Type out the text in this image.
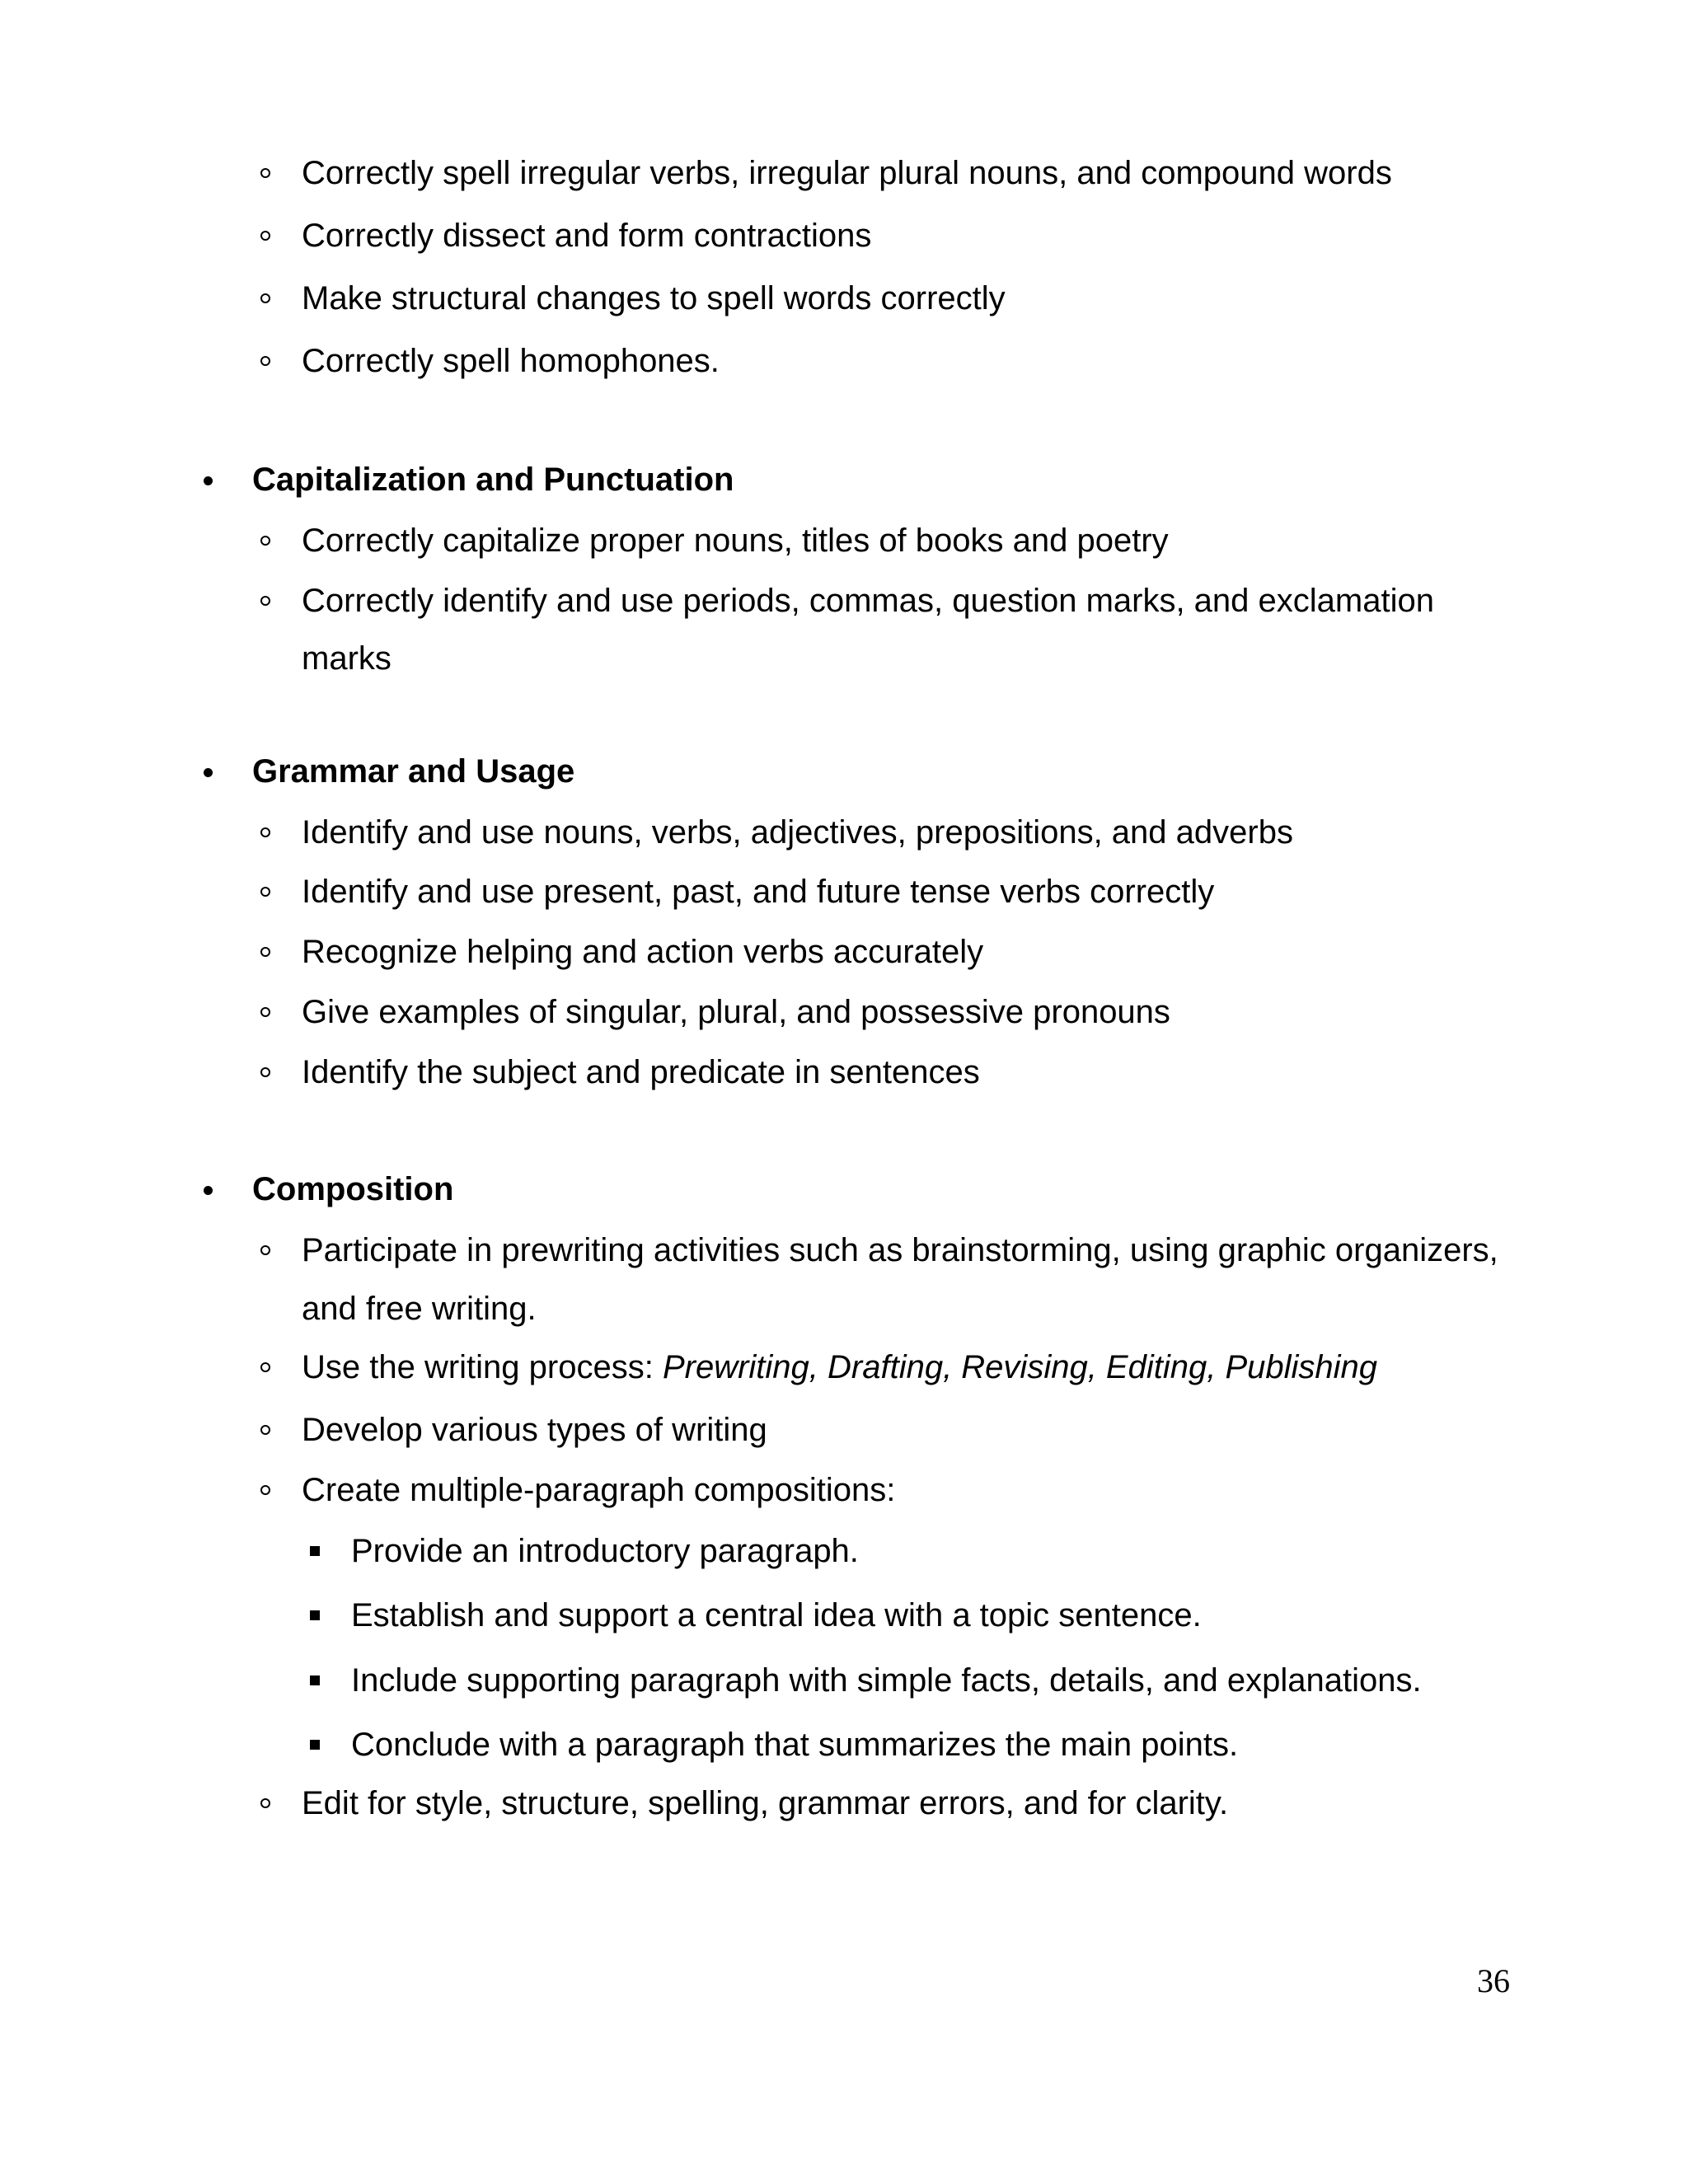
Correctly spell irregular verbs, irregular plural nouns, and compound words
Correctly dissect and form contractions
Make structural changes to spell words correctly
Correctly spell homophones.
Capitalization and Punctuation
Correctly capitalize proper nouns, titles of books and poetry
Correctly identify and use periods, commas, question marks, and exclamation
marks
Grammar and Usage
Identify and use nouns, verbs, adjectives, prepositions, and adverbs
Identify and use present, past, and future tense verbs correctly
Recognize helping and action verbs accurately
Give examples of singular, plural, and possessive pronouns
Identify the subject and predicate in sentences
Composition
Participate in prewriting activities such as brainstorming, using graphic organizers,
and free writing.
Use the writing process: Prewriting, Drafting, Revising, Editing, Publishing
Develop various types of writing
Create multiple-paragraph compositions:
Provide an introductory paragraph.
Establish and support a central idea with a topic sentence.
Include supporting paragraph with simple facts, details, and explanations.
Conclude with a paragraph that summarizes the main points.
Edit for style, structure, spelling, grammar errors, and for clarity.
36
